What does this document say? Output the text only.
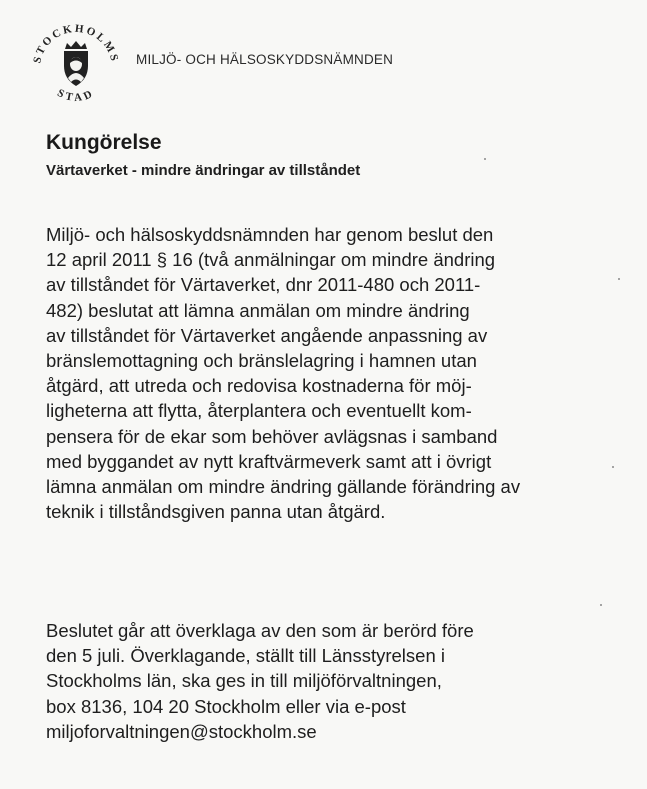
STOCKHOLMS
STAD
MILJÖ- OCH HÄLSOSKYDDSNÄMNDEN
Kungörelse
Värtaverket - mindre ändringar av tillståndet
Miljö- och hälsoskyddsnämnden har genom beslut den
12 april 2011 § 16 (två anmälningar om mindre ändring
av tillståndet för Värtaverket, dnr 2011-480 och 2011-
482) beslutat att lämna anmälan om mindre ändring
av tillståndet för Värtaverket angående anpassning av
bränslemottagning och bränslelagring i hamnen utan
åtgärd, att utreda och redovisa kostnaderna för möj-
ligheterna att flytta, återplantera och eventuellt kom-
pensera för de ekar som behöver avlägsnas i samband
med byggandet av nytt kraftvärmeverk samt att i övrigt
lämna anmälan om mindre ändring gällande förändring av
teknik i tillståndsgiven panna utan åtgärd.
Beslutet går att överklaga av den som är berörd före
den 5 juli. Överklagande, ställt till Länsstyrelsen i
Stockholms län, ska ges in till miljöförvaltningen,
box 8136, 104 20 Stockholm eller via e-post
miljoforvaltningen@stockholm.se
